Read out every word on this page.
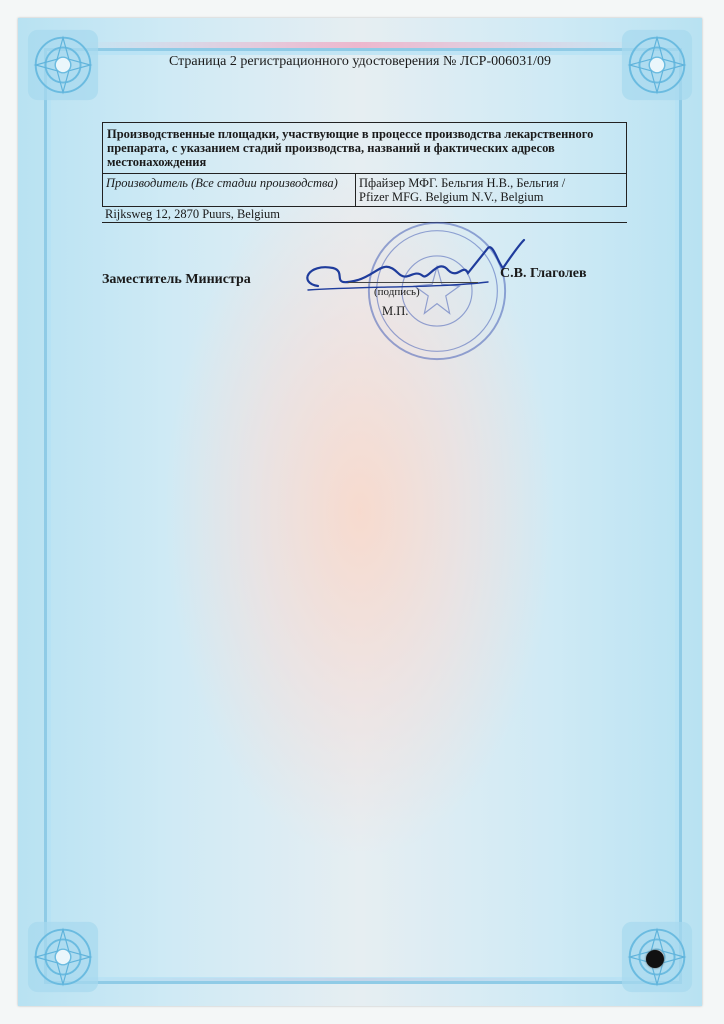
Страница 2 регистрационного удостоверения № ЛСР-006031/09
Производственные площадки, участвующие в процессе производства лекарственного препарата, с указанием стадий производства, названий и фактических адресов местонахождения
Производитель (Все стадии производства)	Пфайзер МФГ. Бельгия Н.В., Бельгия /
Pfizer MFG. Belgium N.V., Belgium
Rijksweg 12, 2870 Puurs, Belgium
Заместитель Министра
(подпись)
М.П.
С.В. Глаголев
